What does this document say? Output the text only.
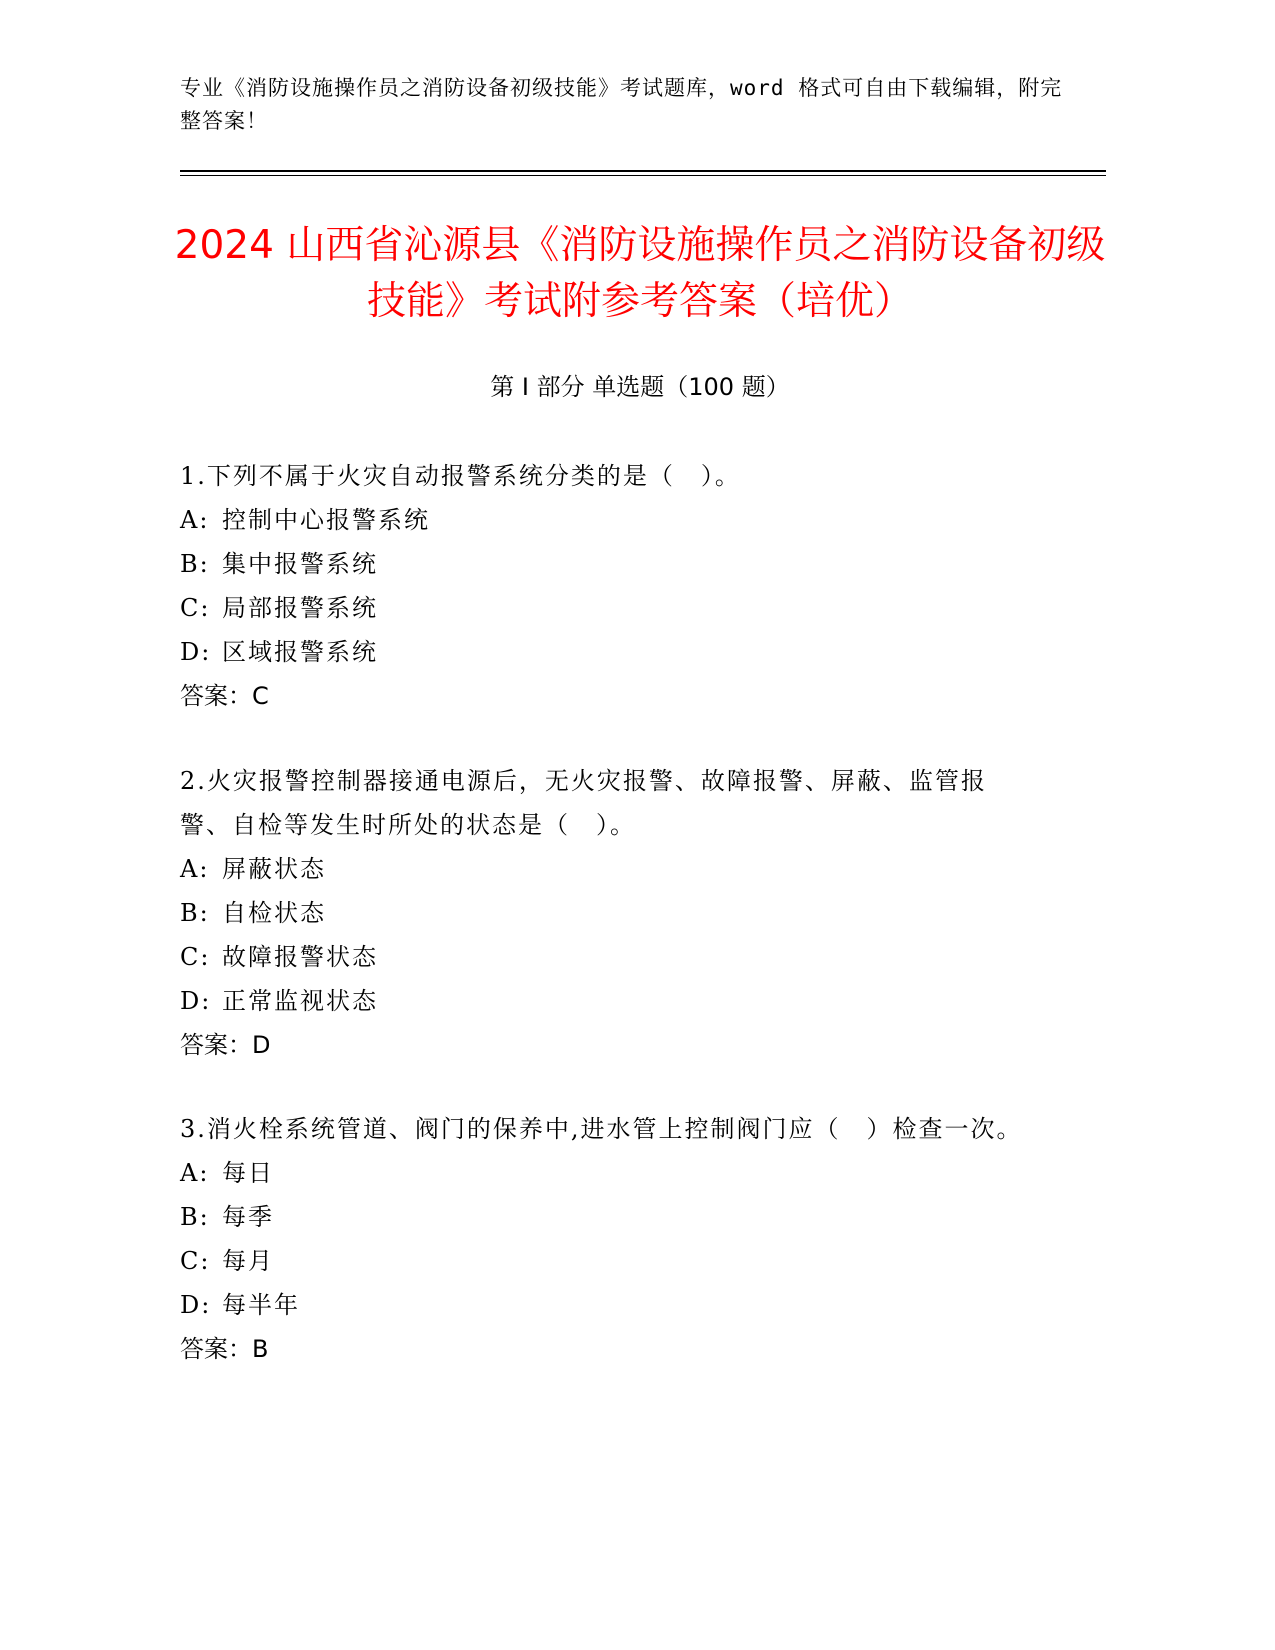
专业《消防设施操作员之消防设备初级技能》考试题库，word 格式可自由下载编辑，附完整答案！
2024 山西省沁源县《消防设施操作员之消防设备初级技能》考试附参考答案（培优）
第 I 部分 单选题（100 题）

1.下列不属于火灾自动报警系统分类的是（　）。

A: 控制中心报警系统

B: 集中报警系统

C: 局部报警系统

D: 区域报警系统

答案：C

2.火灾报警控制器接通电源后，无火灾报警、故障报警、屏蔽、监管报警、自检等发生时所处的状态是（　）。

A: 屏蔽状态

B: 自检状态

C: 故障报警状态

D: 正常监视状态

答案：D

3.消火栓系统管道、阀门的保养中,进水管上控制阀门应（　）检查一次。

A: 每日

B: 每季

C: 每月

D: 每半年

答案：B
